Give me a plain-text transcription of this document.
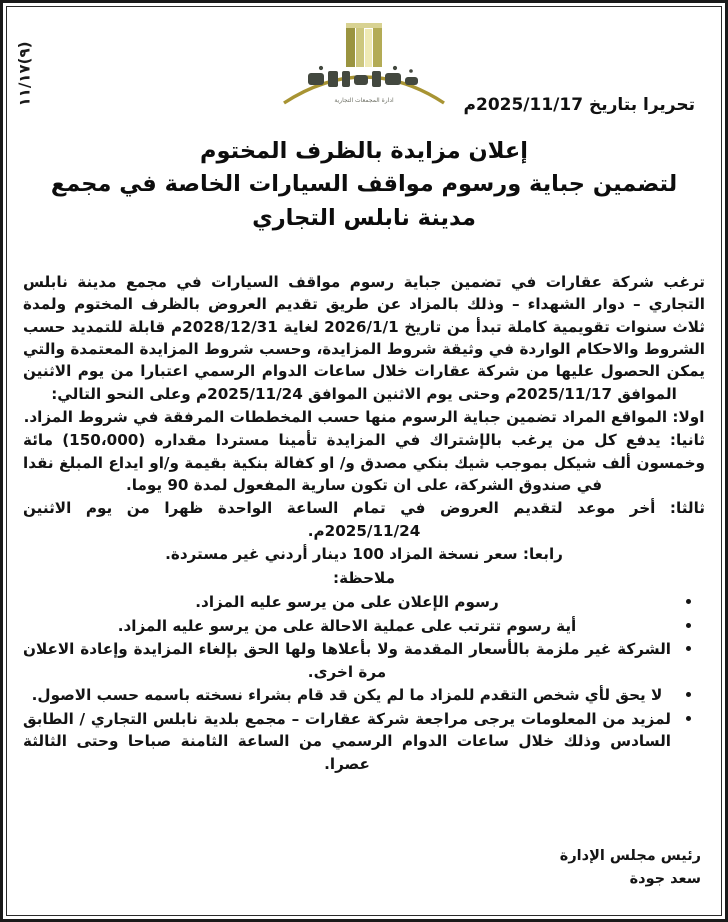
(٩)١١/١٧
ادارة المجمعات التجارية	تحريرا بتاريخ 2025/11/17م
إعلان مزايدة بالظرف المختوم
لتضمين جباية ورسوم مواقف السيارات الخاصة في مجمع
مدينة نابلس التجاري

ترغب شركة عقارات في تضمين جباية رسوم مواقف السيارات في مجمع مدينة نابلس التجاري – دوار الشهداء – وذلك بالمزاد عن طريق تقديم العروض بالظرف المختوم ولمدة ثلاث سنوات تقويمية كاملة تبدأ من تاريخ 2026/1/1 لغاية 2028/12/31م قابلة للتمديد حسب الشروط والاحكام الواردة في وثيقة شروط المزايدة، وحسب شروط المزايدة المعتمدة والتي يمكن الحصول عليها من شركة عقارات خلال ساعات الدوام الرسمي اعتبارا من يوم الاثنين الموافق 2025/11/17م وحتى يوم الاثنين الموافق 2025/11/24م وعلى النحو التالي:

اولا: المواقع المراد تضمين جباية الرسوم منها حسب المخططات المرفقة في شروط المزاد.

ثانيا: يدفع كل من يرغب بالإشتراك في المزايدة تأمينا مستردا مقداره (150،000) مائة وخمسون ألف شيكل بموجب شيك بنكي مصدق و/ او كفالة بنكية بقيمة و/او ايداع المبلغ نقدا في صندوق الشركة، على ان تكون سارية المفعول لمدة 90 يوما.

ثالثا: أخر موعد لتقديم العروض في تمام الساعة الواحدة ظهرا من يوم الاثنين 2025/11/24م.

رابعا: سعر نسخة المزاد 100 دينار أردني غير مستردة.

ملاحظة:
رسوم الإعلان على من يرسو عليه المزاد.
أية رسوم تترتب على عملية الاحالة على من يرسو عليه المزاد.
الشركة غير ملزمة بالأسعار المقدمة ولا بأعلاها ولها الحق بإلغاء المزايدة وإعادة الاعلان مرة اخرى.
لا يحق لأي شخص التقدم للمزاد ما لم يكن قد قام بشراء نسخته باسمه حسب الاصول.
لمزيد من المعلومات يرجى مراجعة شركة عقارات – مجمع بلدية نابلس التجاري / الطابق السادس وذلك خلال ساعات الدوام الرسمي من الساعة الثامنة صباحا وحتى الثالثة عصرا.
رئيس مجلس الإدارة
سعد جودة
